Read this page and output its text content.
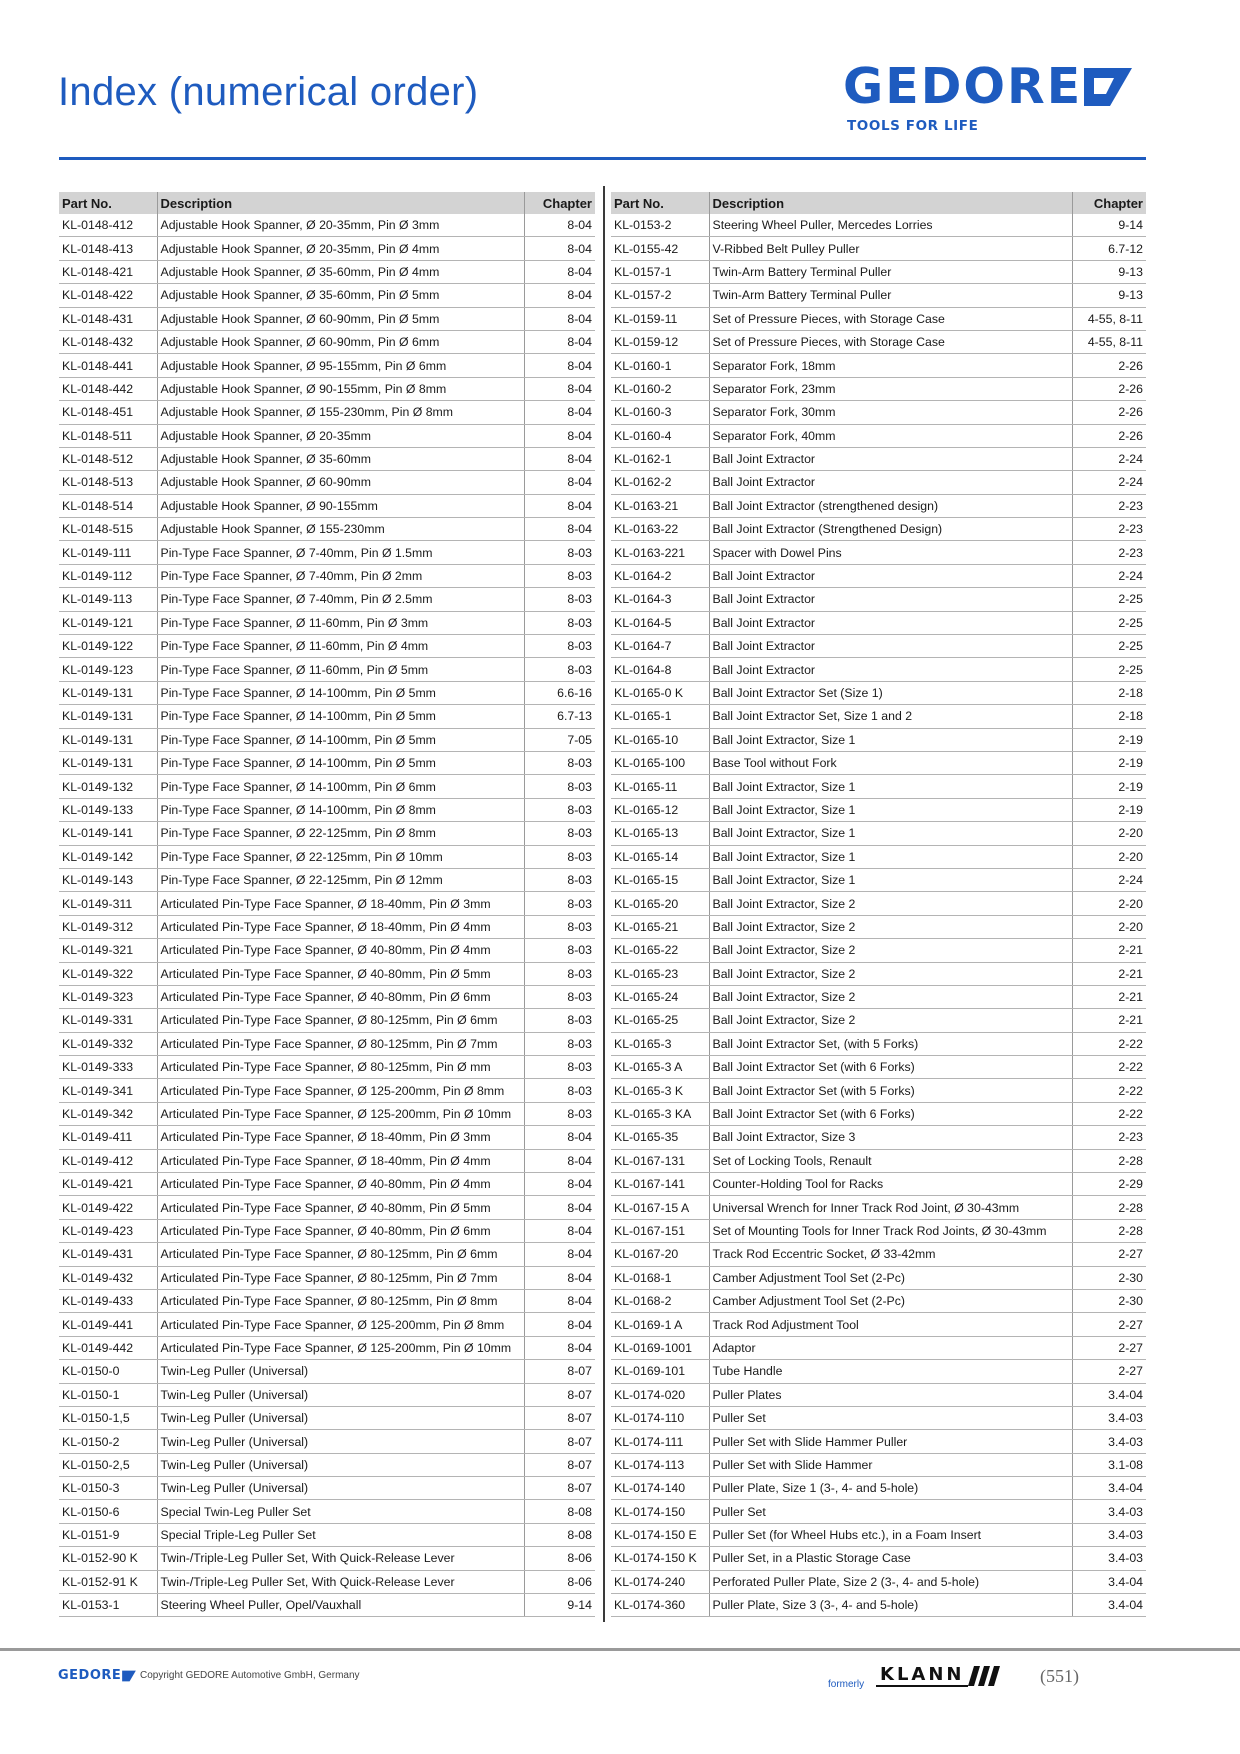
Index (numerical order)	GEDORE
TOOLS FOR LIFE
Part No.	Description	Chapter
KL-0148-412	Adjustable Hook Spanner, Ø 20-35mm, Pin Ø 3mm	8-04
KL-0148-413	Adjustable Hook Spanner, Ø 20-35mm, Pin Ø 4mm	8-04
KL-0148-421	Adjustable Hook Spanner, Ø 35-60mm, Pin Ø 4mm	8-04
KL-0148-422	Adjustable Hook Spanner, Ø 35-60mm, Pin Ø 5mm	8-04
KL-0148-431	Adjustable Hook Spanner, Ø 60-90mm, Pin Ø 5mm	8-04
KL-0148-432	Adjustable Hook Spanner, Ø 60-90mm, Pin Ø 6mm	8-04
KL-0148-441	Adjustable Hook Spanner, Ø 95-155mm, Pin Ø 6mm	8-04
KL-0148-442	Adjustable Hook Spanner, Ø 90-155mm, Pin Ø 8mm	8-04
KL-0148-451	Adjustable Hook Spanner, Ø 155-230mm, Pin Ø 8mm	8-04
KL-0148-511	Adjustable Hook Spanner, Ø 20-35mm	8-04
KL-0148-512	Adjustable Hook Spanner, Ø 35-60mm	8-04
KL-0148-513	Adjustable Hook Spanner, Ø 60-90mm	8-04
KL-0148-514	Adjustable Hook Spanner, Ø 90-155mm	8-04
KL-0148-515	Adjustable Hook Spanner, Ø 155-230mm	8-04
KL-0149-111	Pin-Type Face Spanner, Ø 7-40mm, Pin Ø 1.5mm	8-03
KL-0149-112	Pin-Type Face Spanner, Ø 7-40mm, Pin Ø 2mm	8-03
KL-0149-113	Pin-Type Face Spanner, Ø 7-40mm, Pin Ø 2.5mm	8-03
KL-0149-121	Pin-Type Face Spanner, Ø 11-60mm, Pin Ø 3mm	8-03
KL-0149-122	Pin-Type Face Spanner, Ø 11-60mm, Pin Ø 4mm	8-03
KL-0149-123	Pin-Type Face Spanner, Ø 11-60mm, Pin Ø 5mm	8-03
KL-0149-131	Pin-Type Face Spanner, Ø 14-100mm, Pin Ø 5mm	6.6-16
KL-0149-131	Pin-Type Face Spanner, Ø 14-100mm, Pin Ø 5mm	6.7-13
KL-0149-131	Pin-Type Face Spanner, Ø 14-100mm, Pin Ø 5mm	7-05
KL-0149-131	Pin-Type Face Spanner, Ø 14-100mm, Pin Ø 5mm	8-03
KL-0149-132	Pin-Type Face Spanner, Ø 14-100mm, Pin Ø 6mm	8-03
KL-0149-133	Pin-Type Face Spanner, Ø 14-100mm, Pin Ø 8mm	8-03
KL-0149-141	Pin-Type Face Spanner, Ø 22-125mm, Pin Ø 8mm	8-03
KL-0149-142	Pin-Type Face Spanner, Ø 22-125mm, Pin Ø 10mm	8-03
KL-0149-143	Pin-Type Face Spanner, Ø 22-125mm, Pin Ø 12mm	8-03
KL-0149-311	Articulated Pin-Type Face Spanner, Ø 18-40mm, Pin Ø 3mm	8-03
KL-0149-312	Articulated Pin-Type Face Spanner, Ø 18-40mm, Pin Ø 4mm	8-03
KL-0149-321	Articulated Pin-Type Face Spanner, Ø 40-80mm, Pin Ø 4mm	8-03
KL-0149-322	Articulated Pin-Type Face Spanner, Ø 40-80mm, Pin Ø 5mm	8-03
KL-0149-323	Articulated Pin-Type Face Spanner, Ø 40-80mm, Pin Ø 6mm	8-03
KL-0149-331	Articulated Pin-Type Face Spanner, Ø 80-125mm, Pin Ø 6mm	8-03
KL-0149-332	Articulated Pin-Type Face Spanner, Ø 80-125mm, Pin Ø 7mm	8-03
KL-0149-333	Articulated Pin-Type Face Spanner, Ø 80-125mm, Pin Ø mm	8-03
KL-0149-341	Articulated Pin-Type Face Spanner, Ø 125-200mm, Pin Ø 8mm	8-03
KL-0149-342	Articulated Pin-Type Face Spanner, Ø 125-200mm, Pin Ø 10mm	8-03
KL-0149-411	Articulated Pin-Type Face Spanner, Ø 18-40mm, Pin Ø 3mm	8-04
KL-0149-412	Articulated Pin-Type Face Spanner, Ø 18-40mm, Pin Ø 4mm	8-04
KL-0149-421	Articulated Pin-Type Face Spanner, Ø 40-80mm, Pin Ø 4mm	8-04
KL-0149-422	Articulated Pin-Type Face Spanner, Ø 40-80mm, Pin Ø 5mm	8-04
KL-0149-423	Articulated Pin-Type Face Spanner, Ø 40-80mm, Pin Ø 6mm	8-04
KL-0149-431	Articulated Pin-Type Face Spanner, Ø 80-125mm, Pin Ø 6mm	8-04
KL-0149-432	Articulated Pin-Type Face Spanner, Ø 80-125mm, Pin Ø 7mm	8-04
KL-0149-433	Articulated Pin-Type Face Spanner, Ø 80-125mm, Pin Ø 8mm	8-04
KL-0149-441	Articulated Pin-Type Face Spanner, Ø 125-200mm, Pin Ø 8mm	8-04
KL-0149-442	Articulated Pin-Type Face Spanner, Ø 125-200mm, Pin Ø 10mm	8-04
KL-0150-0	Twin-Leg Puller (Universal)	8-07
KL-0150-1	Twin-Leg Puller (Universal)	8-07
KL-0150-1,5	Twin-Leg Puller (Universal)	8-07
KL-0150-2	Twin-Leg Puller (Universal)	8-07
KL-0150-2,5	Twin-Leg Puller (Universal)	8-07
KL-0150-3	Twin-Leg Puller (Universal)	8-07
KL-0150-6	Special Twin-Leg Puller Set	8-08
KL-0151-9	Special Triple-Leg Puller Set	8-08
KL-0152-90 K	Twin-/Triple-Leg Puller Set, With Quick-Release Lever	8-06
KL-0152-91 K	Twin-/Triple-Leg Puller Set, With Quick-Release Lever	8-06
KL-0153-1	Steering Wheel Puller, Opel/Vauxhall	9-14
Part No.	Description	Chapter
KL-0153-2	Steering Wheel Puller, Mercedes Lorries	9-14
KL-0155-42	V-Ribbed Belt Pulley Puller	6.7-12
KL-0157-1	Twin-Arm Battery Terminal Puller	9-13
KL-0157-2	Twin-Arm Battery Terminal Puller	9-13
KL-0159-11	Set of Pressure Pieces, with Storage Case	4-55, 8-11
KL-0159-12	Set of Pressure Pieces, with Storage Case	4-55, 8-11
KL-0160-1	Separator Fork, 18mm	2-26
KL-0160-2	Separator Fork, 23mm	2-26
KL-0160-3	Separator Fork, 30mm	2-26
KL-0160-4	Separator Fork, 40mm	2-26
KL-0162-1	Ball Joint Extractor	2-24
KL-0162-2	Ball Joint Extractor	2-24
KL-0163-21	Ball Joint Extractor (strengthened design)	2-23
KL-0163-22	Ball Joint Extractor (Strengthened Design)	2-23
KL-0163-221	Spacer with Dowel Pins	2-23
KL-0164-2	Ball Joint Extractor	2-24
KL-0164-3	Ball Joint Extractor	2-25
KL-0164-5	Ball Joint Extractor	2-25
KL-0164-7	Ball Joint Extractor	2-25
KL-0164-8	Ball Joint Extractor	2-25
KL-0165-0 K	Ball Joint Extractor Set (Size 1)	2-18
KL-0165-1	Ball Joint Extractor Set, Size 1 and 2	2-18
KL-0165-10	Ball Joint Extractor, Size 1	2-19
KL-0165-100	Base Tool without Fork	2-19
KL-0165-11	Ball Joint Extractor, Size 1	2-19
KL-0165-12	Ball Joint Extractor, Size 1	2-19
KL-0165-13	Ball Joint Extractor, Size 1	2-20
KL-0165-14	Ball Joint Extractor, Size 1	2-20
KL-0165-15	Ball Joint Extractor, Size 1	2-24
KL-0165-20	Ball Joint Extractor, Size 2	2-20
KL-0165-21	Ball Joint Extractor, Size 2	2-20
KL-0165-22	Ball Joint Extractor, Size 2	2-21
KL-0165-23	Ball Joint Extractor, Size 2	2-21
KL-0165-24	Ball Joint Extractor, Size 2	2-21
KL-0165-25	Ball Joint Extractor, Size 2	2-21
KL-0165-3	Ball Joint Extractor Set, (with 5 Forks)	2-22
KL-0165-3 A	Ball Joint Extractor Set (with 6 Forks)	2-22
KL-0165-3 K	Ball Joint Extractor Set (with 5 Forks)	2-22
KL-0165-3 KA	Ball Joint Extractor Set (with 6 Forks)	2-22
KL-0165-35	Ball Joint Extractor, Size 3	2-23
KL-0167-131	Set of Locking Tools, Renault	2-28
KL-0167-141	Counter-Holding Tool for Racks	2-29
KL-0167-15 A	Universal Wrench for Inner Track Rod Joint, Ø 30-43mm	2-28
KL-0167-151	Set of Mounting Tools for Inner Track Rod Joints, Ø 30-43mm	2-28
KL-0167-20	Track Rod Eccentric Socket, Ø 33-42mm	2-27
KL-0168-1	Camber Adjustment Tool Set (2-Pc)	2-30
KL-0168-2	Camber Adjustment Tool Set (2-Pc)	2-30
KL-0169-1 A	Track Rod Adjustment Tool	2-27
KL-0169-1001	Adaptor	2-27
KL-0169-101	Tube Handle	2-27
KL-0174-020	Puller Plates	3.4-04
KL-0174-110	Puller Set	3.4-03
KL-0174-111	Puller Set with Slide Hammer Puller	3.4-03
KL-0174-113	Puller Set with Slide Hammer	3.1-08
KL-0174-140	Puller Plate, Size 1 (3-, 4- and 5-hole)	3.4-04
KL-0174-150	Puller Set	3.4-03
KL-0174-150 E	Puller Set (for Wheel Hubs etc.), in a Foam Insert	3.4-03
KL-0174-150 K	Puller Set, in a Plastic Storage Case	3.4-03
KL-0174-240	Perforated Puller Plate, Size 2 (3-, 4- and 5-hole)	3.4-04
KL-0174-360	Puller Plate, Size 3 (3-, 4- and 5-hole)	3.4-04
GEDORE Copyright GEDORE Automotive GmbH, Germany
formerly KLANN	(551)
